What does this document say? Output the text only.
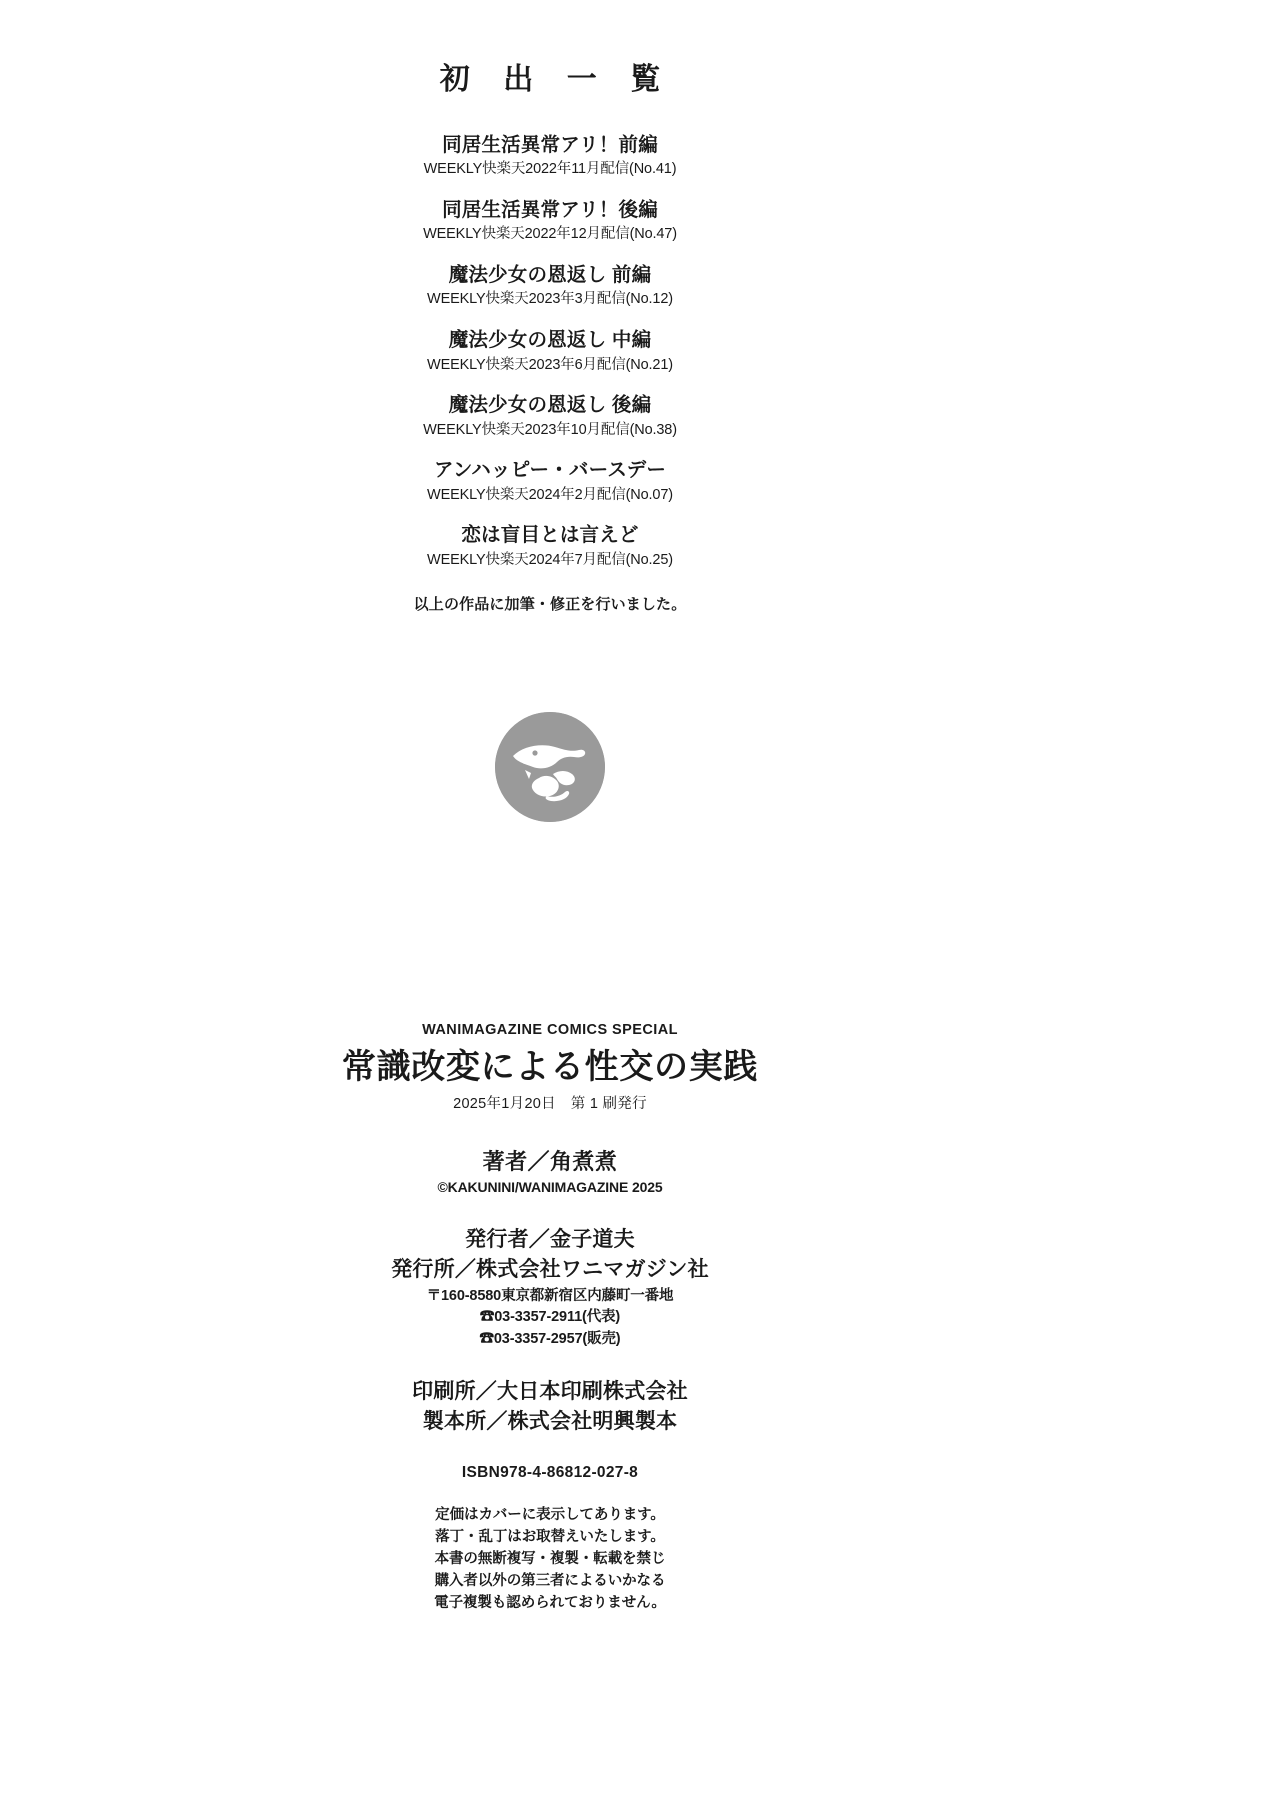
初 出 一 覧
同居生活異常アリ！前編
WEEKLY快楽天2022年11月配信(No.41)
同居生活異常アリ！後編
WEEKLY快楽天2022年12月配信(No.47)
魔法少女の恩返し 前編
WEEKLY快楽天2023年3月配信(No.12)
魔法少女の恩返し 中編
WEEKLY快楽天2023年6月配信(No.21)
魔法少女の恩返し 後編
WEEKLY快楽天2023年10月配信(No.38)
アンハッピー・バースデー
WEEKLY快楽天2024年2月配信(No.07)
恋は盲目とは言えど
WEEKLY快楽天2024年7月配信(No.25)
以上の作品に加筆・修正を行いました。
WANIMAGAZINE COMICS SPECIAL
常識改変による性交の実践
2025年1月20日　第 1 刷発行
著者／角煮煮
©KAKUNINI/WANIMAGAZINE 2025
発行者／金子道夫
発行所／株式会社ワニマガジン社
〒160-8580東京都新宿区内藤町一番地
☎03-3357-2911(代表)
☎03-3357-2957(販売)
印刷所／大日本印刷株式会社
製本所／株式会社明興製本
ISBN978-4-86812-027-8
定価はカバーに表示してあります。
落丁・乱丁はお取替えいたします。
本書の無断複写・複製・転載を禁じ
購入者以外の第三者によるいかなる
電子複製も認められておりません。
